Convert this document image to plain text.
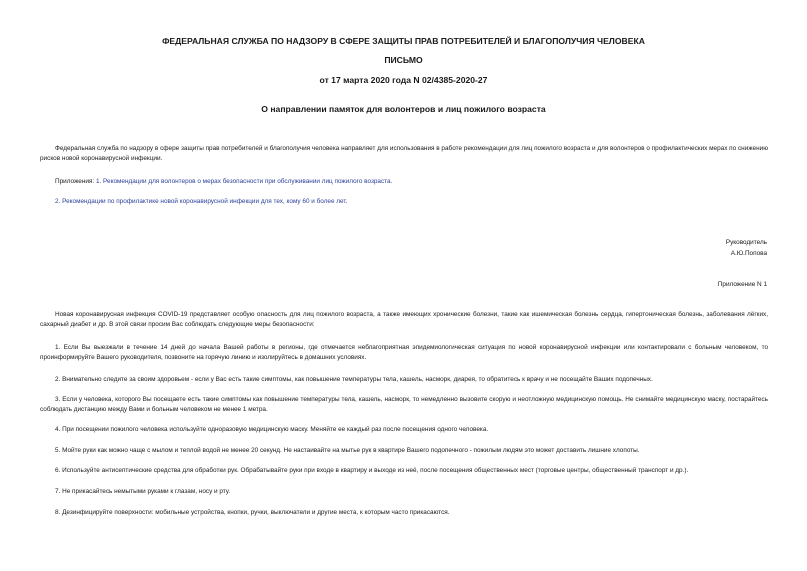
ФЕДЕРАЛЬНАЯ СЛУЖБА ПО НАДЗОРУ В СФЕРЕ ЗАЩИТЫ ПРАВ ПОТРЕБИТЕЛЕЙ И БЛАГОПОЛУЧИЯ ЧЕЛОВЕКА
ПИСЬМО
от 17 марта 2020 года N 02/4385-2020-27
О направлении памяток для волонтеров и лиц пожилого возраста
Федеральная служба по надзору в сфере защиты прав потребителей и благополучия человека направляет для использования в работе рекомендации для лиц пожилого возраста и для волонтеров о профилактических мерах по снижению рисков новой коронавирусной инфекции.
Приложения: 1. Рекомендации для волонтеров о мерах безопасности при обслуживании лиц пожилого возраста.
2. Рекомендации по профилактике новой коронавирусной инфекции для тех, кому 60 и более лет.
Руководитель
А.Ю.Попова
Приложение N 1
Новая коронавирусная инфекция COVID-19 представляет особую опасность для лиц пожилого возраста, а также имеющих хронические болезни, такие как ишемическая болезнь сердца, гипертоническая болезнь, заболевания лёгких, сахарный диабет и др. В этой связи просим Вас соблюдать следующие меры безопасности:
1. Если Вы выезжали в течение 14 дней до начала Вашей работы в регионы, где отмечается неблагоприятная эпидемиологическая ситуация по новой коронавирусной инфекции или контактировали с больным человеком, то проинформируйте Вашего руководителя, позвоните на горячую линию и изолируйтесь в домашних условиях.
2. Внимательно следите за своим здоровьем - если у Вас есть такие симптомы, как повышение температуры тела, кашель, насморк, диарея, то обратитесь к врачу и не посещайте Ваших подопечных.
3. Если у человека, которого Вы посещаете есть такие симптомы как повышение температуры тела, кашель, насморк, то немедленно вызовите скорую и неотложную медицинскую помощь. Не снимайте медицинскую маску, постарайтесь соблюдать дистанцию между Вами и больным человеком не менее 1 метра.
4. При посещении пожилого человека используйте одноразовую медицинскую маску. Меняйте ее каждый раз после посещения одного человека.
5. Мойте руки как можно чаще с мылом и теплой водой не менее 20 секунд. Не настаивайте на мытье рук в квартире Вашего подопечного - пожилым людям это может доставить лишние хлопоты.
6. Используйте антисептические средства для обработки рук. Обрабатывайте руки при входе в квартиру и выходе из неё, после посещения общественных мест (торговые центры, общественный транспорт и др.).
7. Не прикасайтесь немытыми руками к глазам, носу и рту.
8. Дезинфицируйте поверхности: мобильные устройства, кнопки, ручки, выключатели и другие места, к которым часто прикасаются.
